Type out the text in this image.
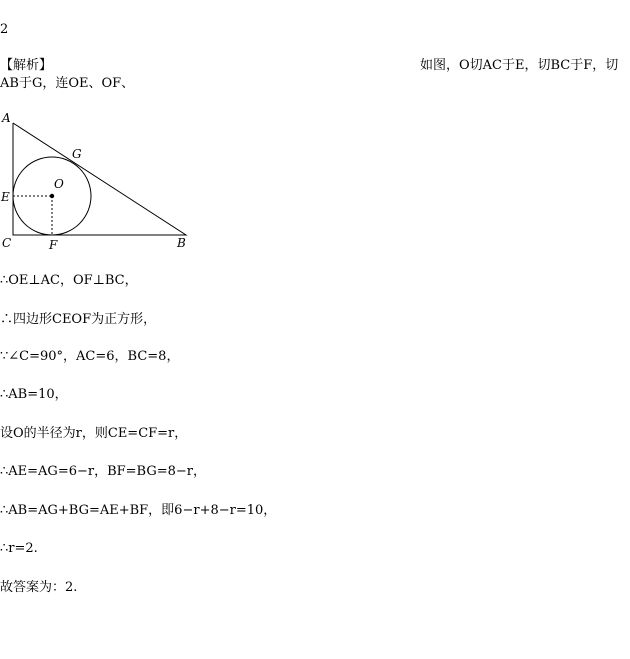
2
【解析】	如图，O切AC于E，切BC于F，切
AB于G，连OE、OF、
A
G
O
E
C	F	B
∴OE⊥AC，OF⊥BC，
∴四边形CEOF为正方形，
∵∠C=90°，AC=6，BC=8，
∴AB=10，
设O的半径为r，则CE=CF=r，
∴AE=AG=6−r，BF=BG=8−r，
∴AB=AG+BG=AE+BF，即6−r+8−r=10，
∴r=2.
故答案为：2.
